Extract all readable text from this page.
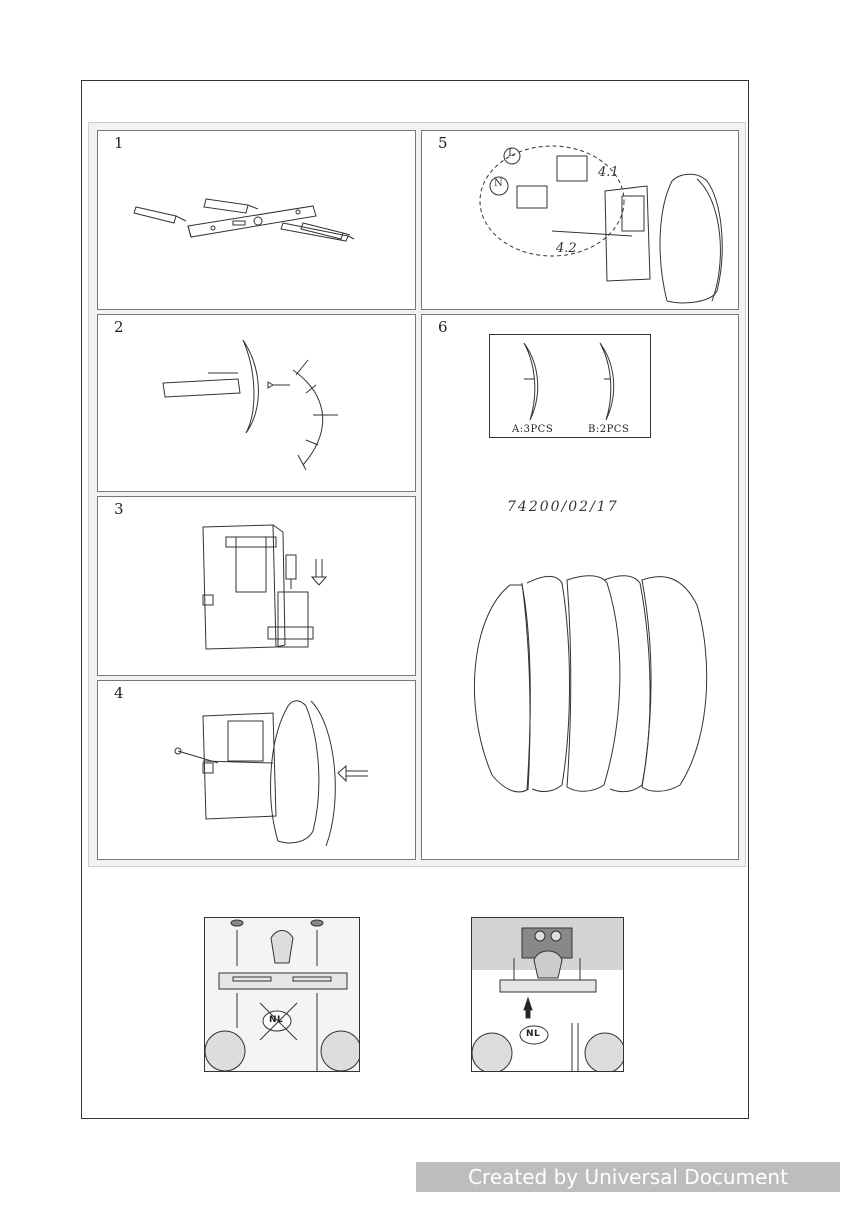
1	5
4.1
4.2
N
L
2	6
A:3PCS	B:2PCS
74200/02/17
3
4
NL
NL
Created by Universal Document Converter
